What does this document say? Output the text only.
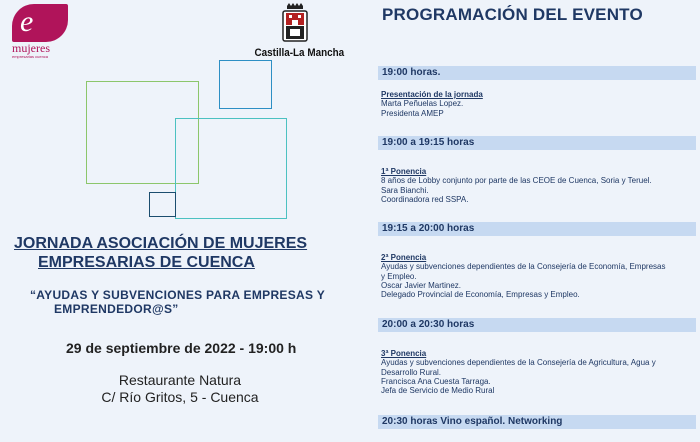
e
mujeres
empresarias cuenca	Castilla-La Mancha
JORNADA ASOCIACIÓN DE MUJERES
EMPRESARIAS DE CUENCA
“AYUDAS Y SUBVENCIONES PARA EMPRESAS Y
EMPRENDEDOR@S”
29 de septiembre de 2022 - 19:00 h
Restaurante Natura
C/ Río Gritos, 5 - Cuenca
PROGRAMACIÓN DEL EVENTO
19:00 horas.
Presentación de la jornada
Marta Peñuelas Lopez.
Presidenta AMEP
19:00 a 19:15 horas
1ª Ponencia
8 años de Lobby conjunto por parte de las CEOE de Cuenca, Soria y Teruel.
Sara Bianchi.
Coordinadora red SSPA.
19:15 a 20:00 horas
2ª Ponencia
Ayudas y subvenciones dependientes de la Consejería de Economía, Empresas
y Empleo.
Oscar Javier Martinez.
Delegado Provincial de Economía, Empresas y Empleo.
20:00 a 20:30 horas
3ª Ponencia
Ayudas y subvenciones dependientes de la Consejería de Agricultura, Agua y
Desarrollo Rural.
Francisca Ana Cuesta Tarraga.
Jefa de Servicio de Medio Rural
20:30 horas Vino español. Networking
